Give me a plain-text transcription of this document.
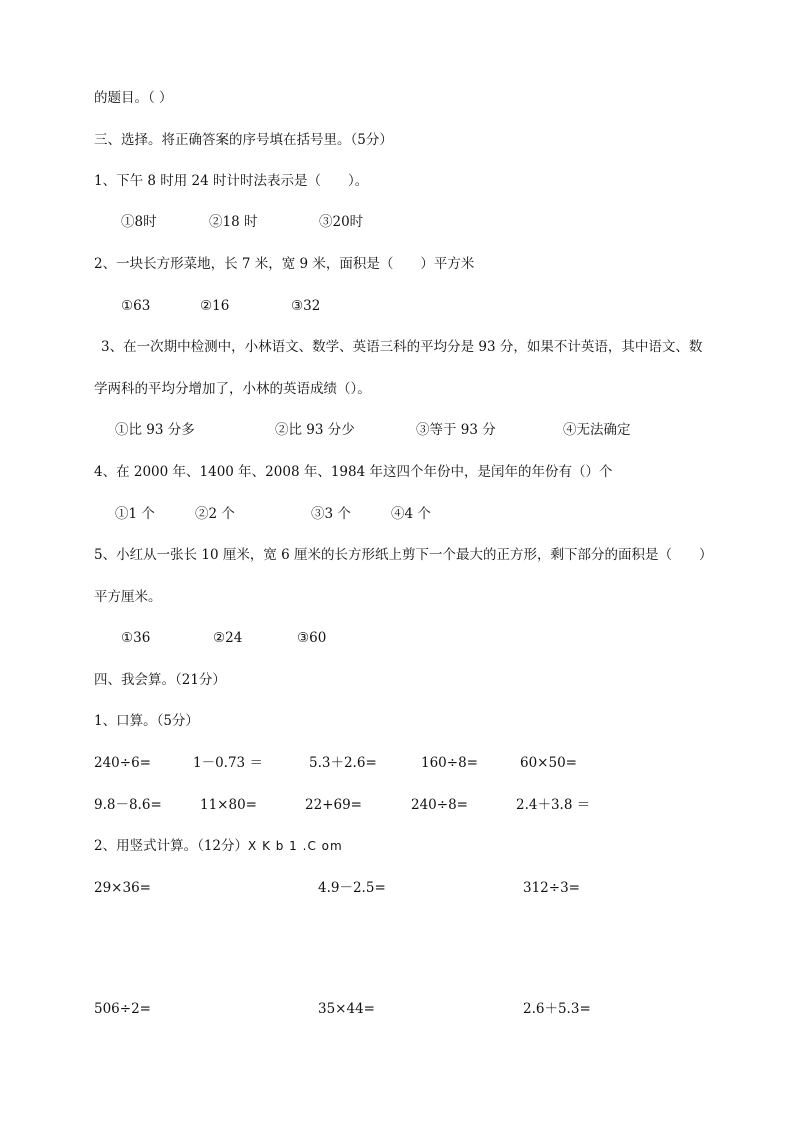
的题目。（ ）
三、选择。将正确答案的序号填在括号里。（5分）
1、下午 8 时用 24 时计时法表示是（　　）。
①8时	②18 时	③20时
2、一块长方形菜地，长 7 米，宽 9 米，面积是（　　）平方米
①63	②16	③32
3、在一次期中检测中，小林语文、数学、英语三科的平均分是 93 分，如果不计英语，其中语文、数
学两科的平均分增加了，小林的英语成绩（）。
①比 93 分多	②比 93 分少	③等于 93 分	④无法确定
4、在 2000 年、1400 年、2008 年、1984 年这四个年份中，是闰年的年份有（）个
①1 个	②2 个	③3 个	④4 个
5、小红从一张长 10 厘米，宽 6 厘米的长方形纸上剪下一个最大的正方形，剩下部分的面积是（　　）
平方厘米。
①36	②24	③60
四、我会算。（21分）
1、口算。（5分）
240÷6=	1－0.73 ＝	5.3＋2.6=	160÷8=	60×50=
9.8－8.6=	11×80=	22+69=	240÷8=	2.4＋3.8 ＝
2、用竖式计算。（12分）X K b 1 .C om
29×36=	4.9－2.5=	312÷3=
506÷2=	35×44=	2.6＋5.3=
